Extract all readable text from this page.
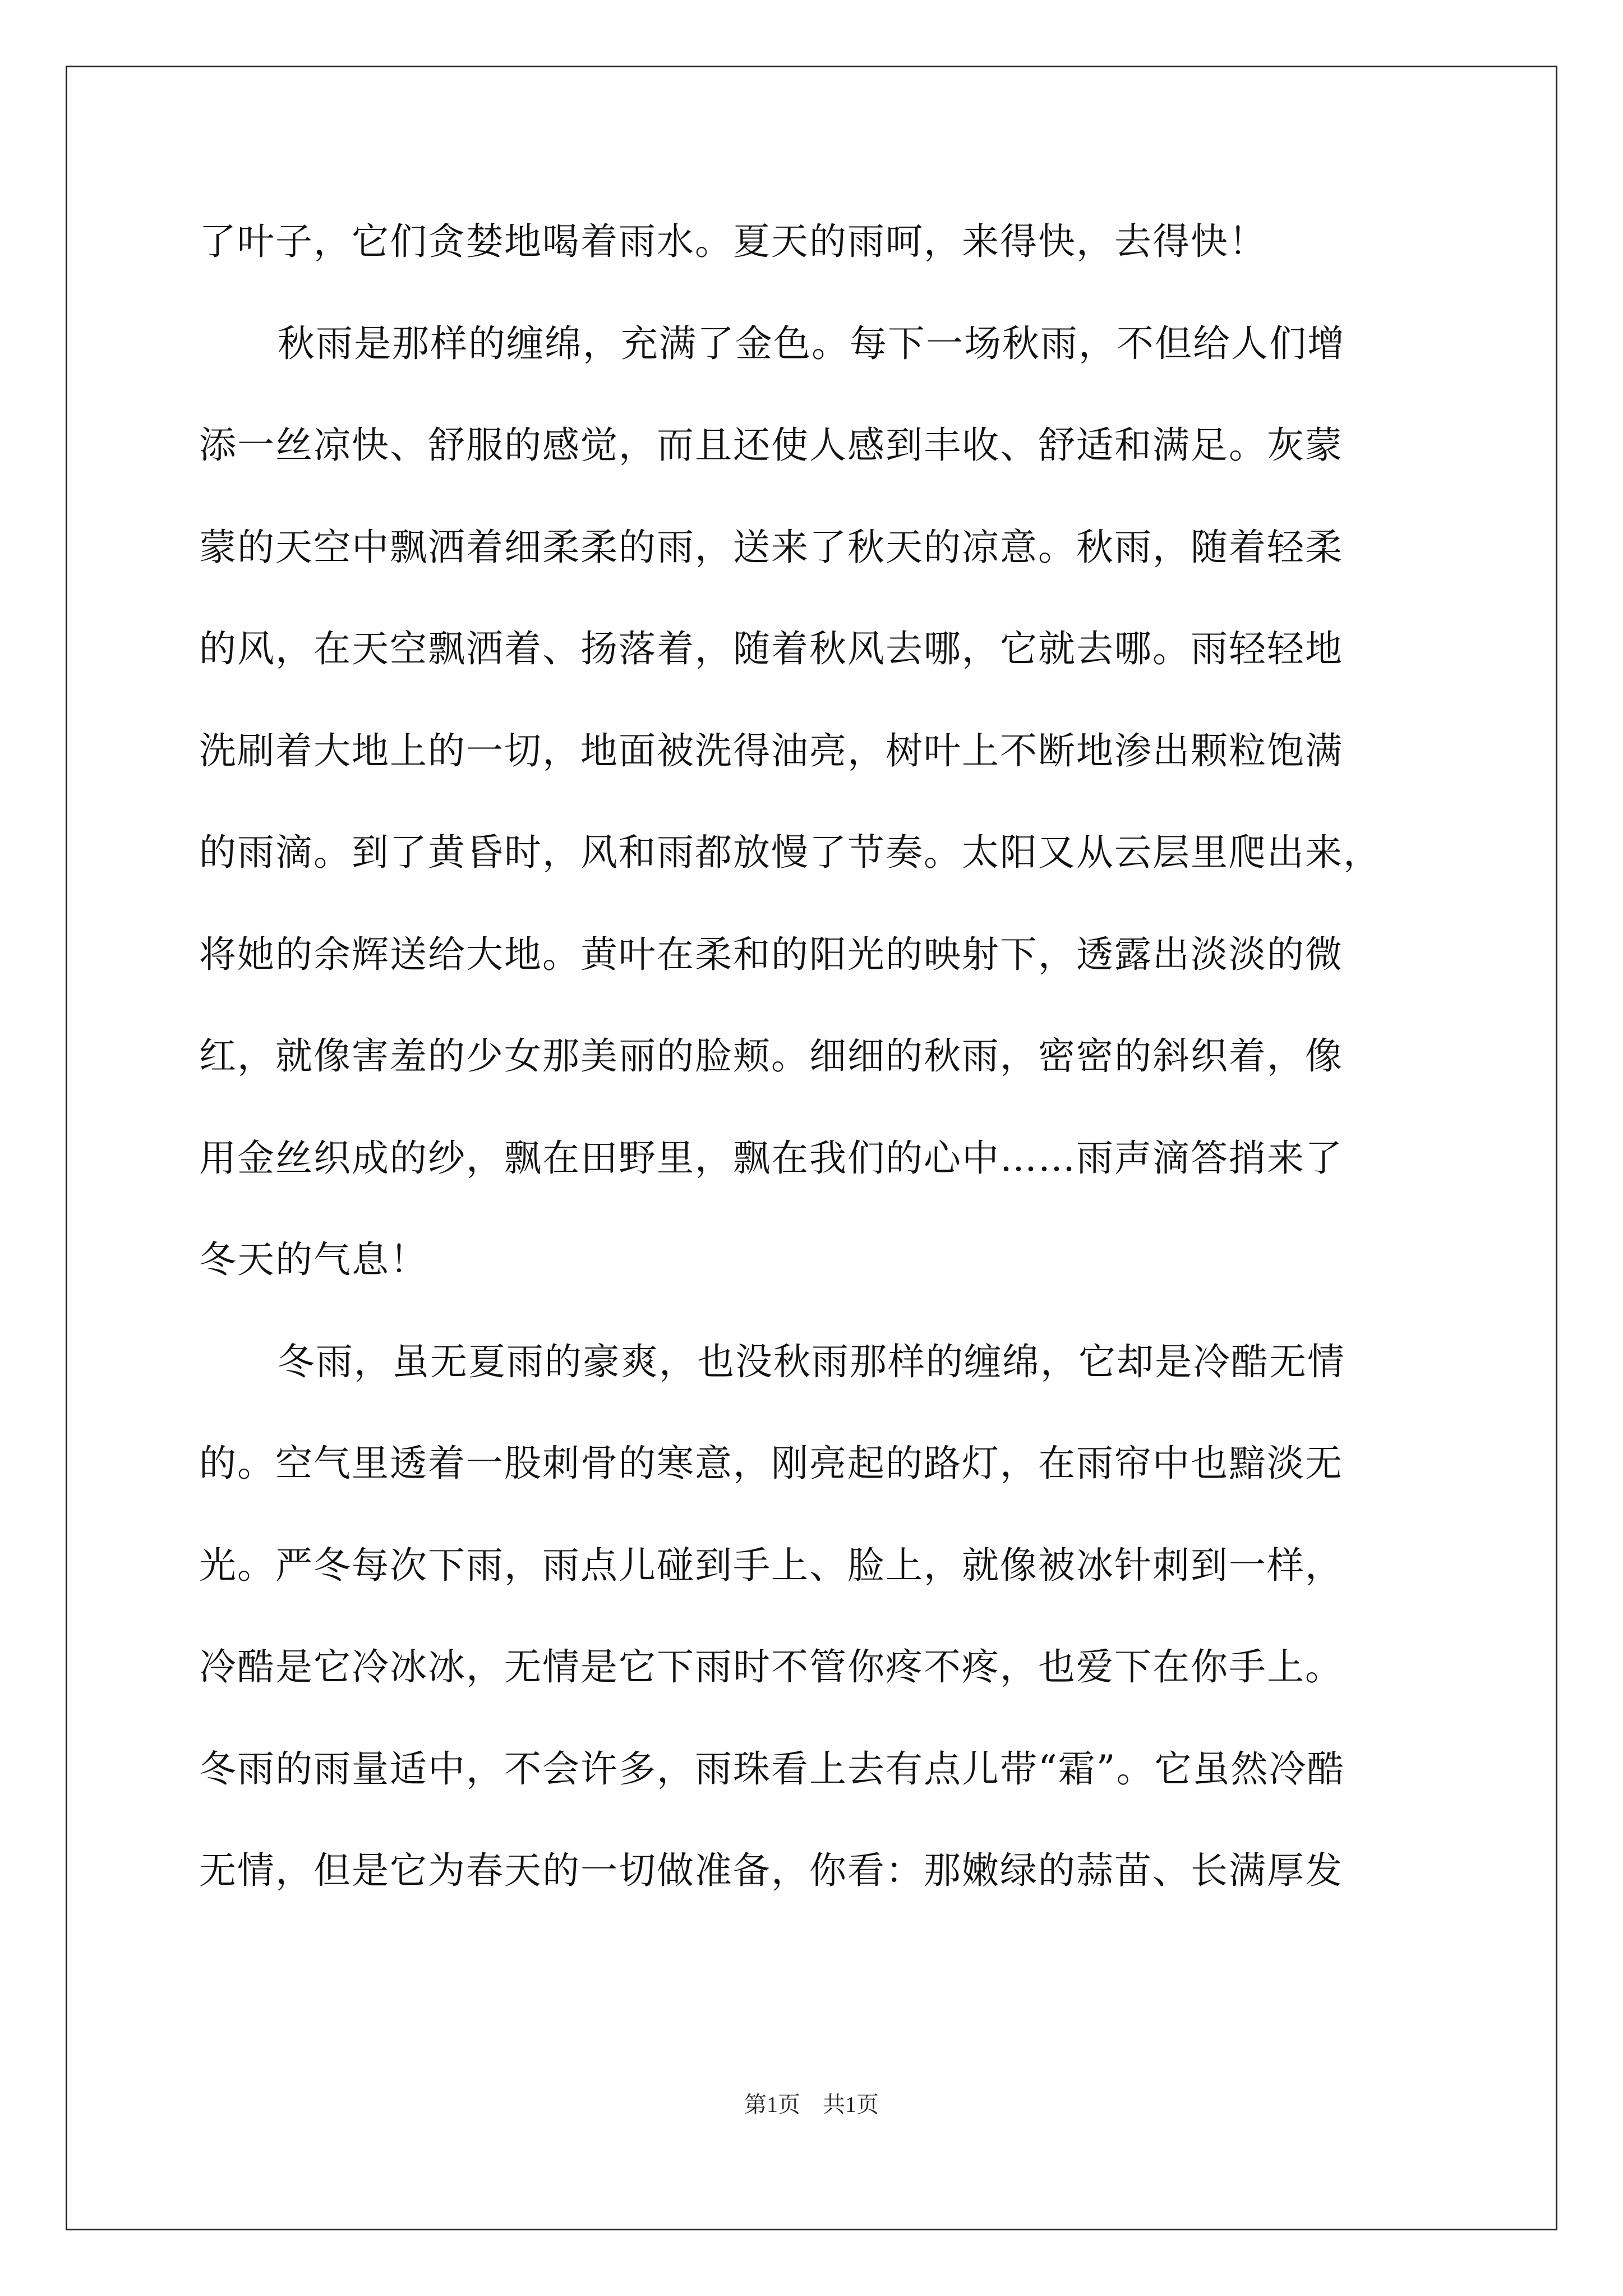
了叶子，它们贪婪地喝着雨水。夏天的雨呵，来得快，去得快！
秋雨是那样的缠绵，充满了金色。每下一场秋雨，不但给人们增
添一丝凉快、舒服的感觉，而且还使人感到丰收、舒适和满足。灰蒙
蒙的天空中飘洒着细柔柔的雨，送来了秋天的凉意。秋雨，随着轻柔
的风，在天空飘洒着、扬落着，随着秋风去哪，它就去哪。雨轻轻地
洗刷着大地上的一切，地面被洗得油亮，树叶上不断地渗出颗粒饱满
的雨滴。到了黄昏时，风和雨都放慢了节奏。太阳又从云层里爬出来，
将她的余辉送给大地。黄叶在柔和的阳光的映射下，透露出淡淡的微
红，就像害羞的少女那美丽的脸颊。细细的秋雨，密密的斜织着，像
用金丝织成的纱，飘在田野里，飘在我们的心中……雨声滴答捎来了
冬天的气息！
冬雨，虽无夏雨的豪爽，也没秋雨那样的缠绵，它却是冷酷无情
的。空气里透着一股刺骨的寒意，刚亮起的路灯，在雨帘中也黯淡无
光。严冬每次下雨，雨点儿碰到手上、脸上，就像被冰针刺到一样，
冷酷是它冷冰冰，无情是它下雨时不管你疼不疼，也爱下在你手上。
冬雨的雨量适中，不会许多，雨珠看上去有点儿带“霜”。它虽然冷酷
无情，但是它为春天的一切做准备，你看：那嫩绿的蒜苗、长满厚发
第1页 共1页
